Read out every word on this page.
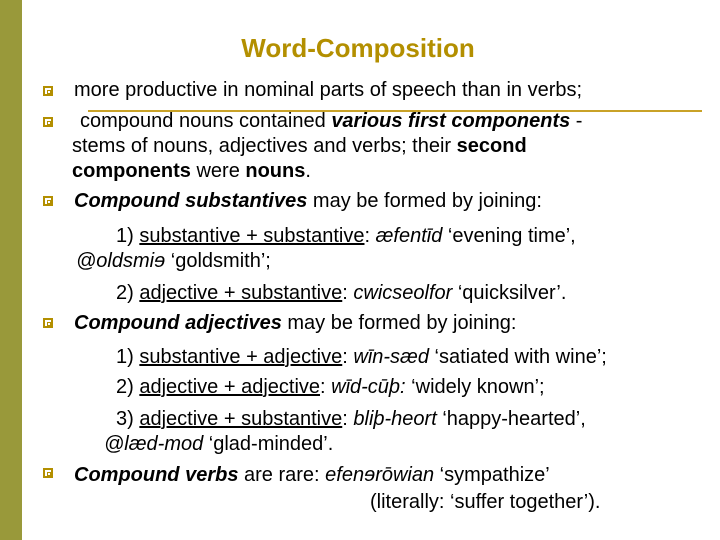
Word-Composition
more productive in nominal parts of speech than in verbs;
compound nouns contained various first components -
stems of nouns, adjectives and verbs; their second
components were nouns.
Compound substantives may be formed by joining:
1) substantive + substantive: æfentīd ‘evening time’,
@oldsmiɘ ‘goldsmith’;
2) adjective + substantive: cwicseolfor ‘quicksilver’.
Compound adjectives may be formed by joining:
1) substantive + adjective: wīn-sæd ‘satiated with wine’;
2) adjective + adjective: wīd-cūþ: ‘widely known’;
3) adjective + substantive: bliþ-heort ‘happy-hearted’,
@læd-mod ‘glad-minded’.
Compound verbs are rare: efenɘrōwian ‘sympathize’
(literally: ‘suffer together’).
